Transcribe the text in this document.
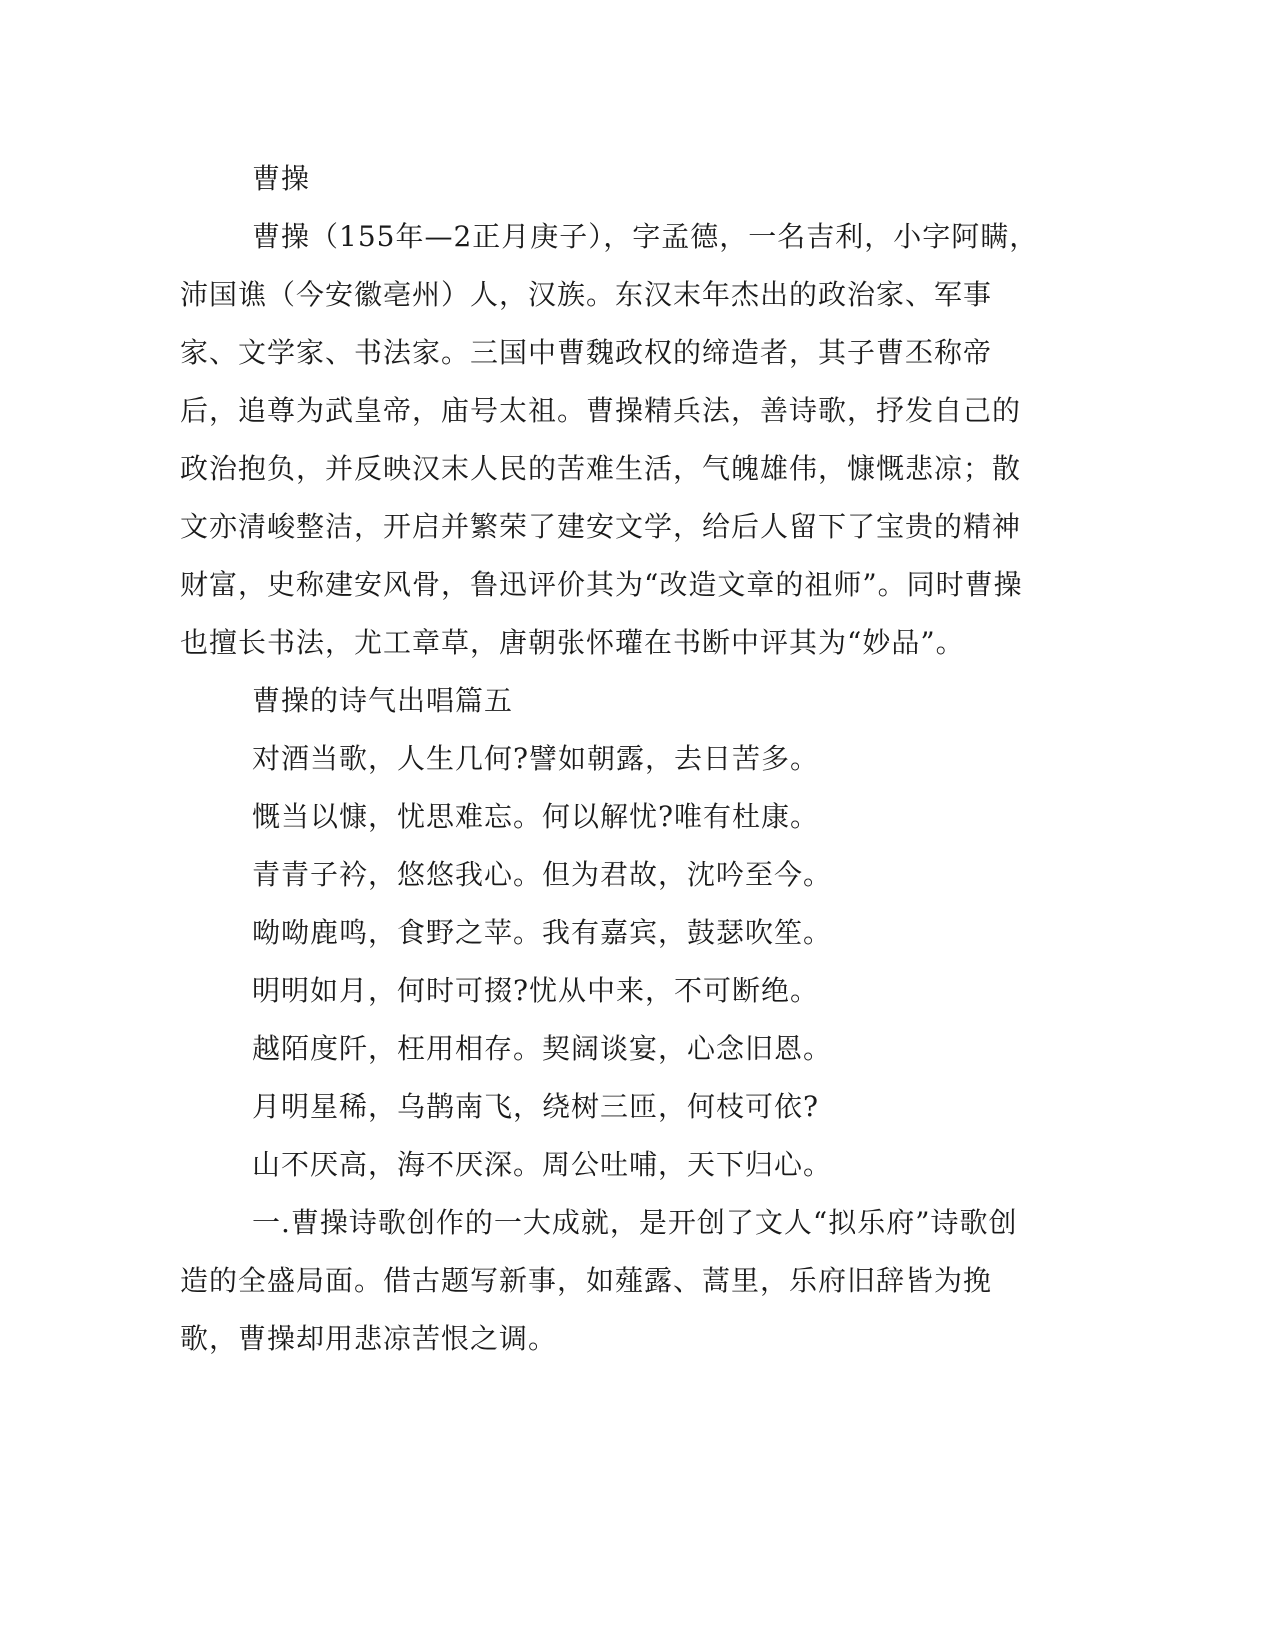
曹操

曹操（155年—2正月庚子），字孟德，一名吉利，小字阿瞒，沛国谯（今安徽亳州）人，汉族。东汉末年杰出的政治家、军事家、文学家、书法家。三国中曹魏政权的缔造者，其子曹丕称帝后，追尊为武皇帝，庙号太祖。曹操精兵法，善诗歌，抒发自己的政治抱负，并反映汉末人民的苦难生活，气魄雄伟，慷慨悲凉；散文亦清峻整洁，开启并繁荣了建安文学，给后人留下了宝贵的精神财富，史称建安风骨，鲁迅评价其为“改造文章的祖师”。同时曹操也擅长书法，尤工章草，唐朝张怀瓘在书断中评其为“妙品”。

曹操的诗气出唱篇五

对酒当歌，人生几何?譬如朝露，去日苦多。

慨当以慷，忧思难忘。何以解忧?唯有杜康。

青青子衿，悠悠我心。但为君故，沈吟至今。

呦呦鹿鸣，食野之苹。我有嘉宾，鼓瑟吹笙。

明明如月，何时可掇?忧从中来，不可断绝。

越陌度阡，枉用相存。契阔谈宴，心念旧恩。

月明星稀，乌鹊南飞，绕树三匝，何枝可依?

山不厌高，海不厌深。周公吐哺，天下归心。

一.曹操诗歌创作的一大成就，是开创了文人“拟乐府”诗歌创造的全盛局面。借古题写新事，如薤露、蒿里，乐府旧辞皆为挽歌，曹操却用悲凉苦恨之调。
